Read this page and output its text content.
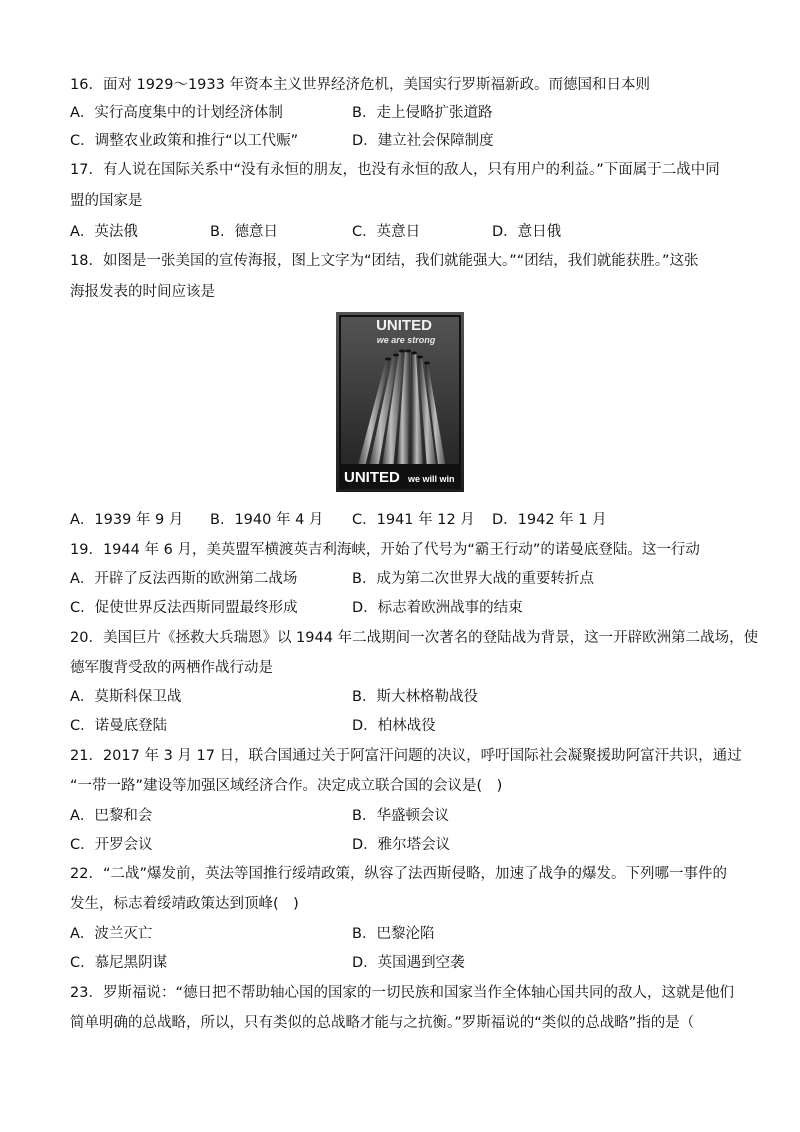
16．面对 1929～1933 年资本主义世界经济危机，美国实行罗斯福新政。而德国和日本则
A．实行高度集中的计划经济体制	B．走上侵略扩张道路
C．调整农业政策和推行“以工代赈”	D．建立社会保障制度
17．有人说在国际关系中“没有永恒的朋友，也没有永恒的敌人，只有用户的利益。”下面属于二战中同
盟的国家是
A．英法俄	B．德意日	C．英意日	D．意日俄
18．如图是一张美国的宣传海报，图上文字为“团结，我们就能强大。”“团结，我们就能获胜。”这张
海报发表的时间应该是
UNITED
we are strong
UNITED we will win
A．1939 年 9 月 B．1940 年 4 月 C．1941 年 12 月 D．1942 年 1 月
19．1944 年 6 月，美英盟军横渡英吉利海峡，开始了代号为“霸王行动”的诺曼底登陆。这一行动
A．开辟了反法西斯的欧洲第二战场	B．成为第二次世界大战的重要转折点
C．促使世界反法西斯同盟最终形成	D．标志着欧洲战事的结束
20．美国巨片《拯救大兵瑞恩》以 1944 年二战期间一次著名的登陆战为背景，这一开辟欧洲第二战场，使
德军腹背受敌的两栖作战行动是
A．莫斯科保卫战	B．斯大林格勒战役
C．诺曼底登陆	D．柏林战役
21．2017 年 3 月 17 日，联合国通过关于阿富汗问题的决议，呼吁国际社会凝聚援助阿富汗共识，通过
“一带一路”建设等加强区域经济合作。决定成立联合国的会议是(　)
A．巴黎和会	B．华盛顿会议
C．开罗会议	D．雅尔塔会议
22．“二战”爆发前，英法等国推行绥靖政策，纵容了法西斯侵略，加速了战争的爆发。下列哪一事件的
发生，标志着绥靖政策达到顶峰(　)
A．波兰灭亡	B．巴黎沦陷
C．慕尼黑阴谋	D．英国遇到空袭
23．罗斯福说：“德日把不帮助轴心国的国家的一切民族和国家当作全体轴心国共同的敌人，这就是他们
简单明确的总战略，所以，只有类似的总战略才能与之抗衡。”罗斯福说的“类似的总战略”指的是（
